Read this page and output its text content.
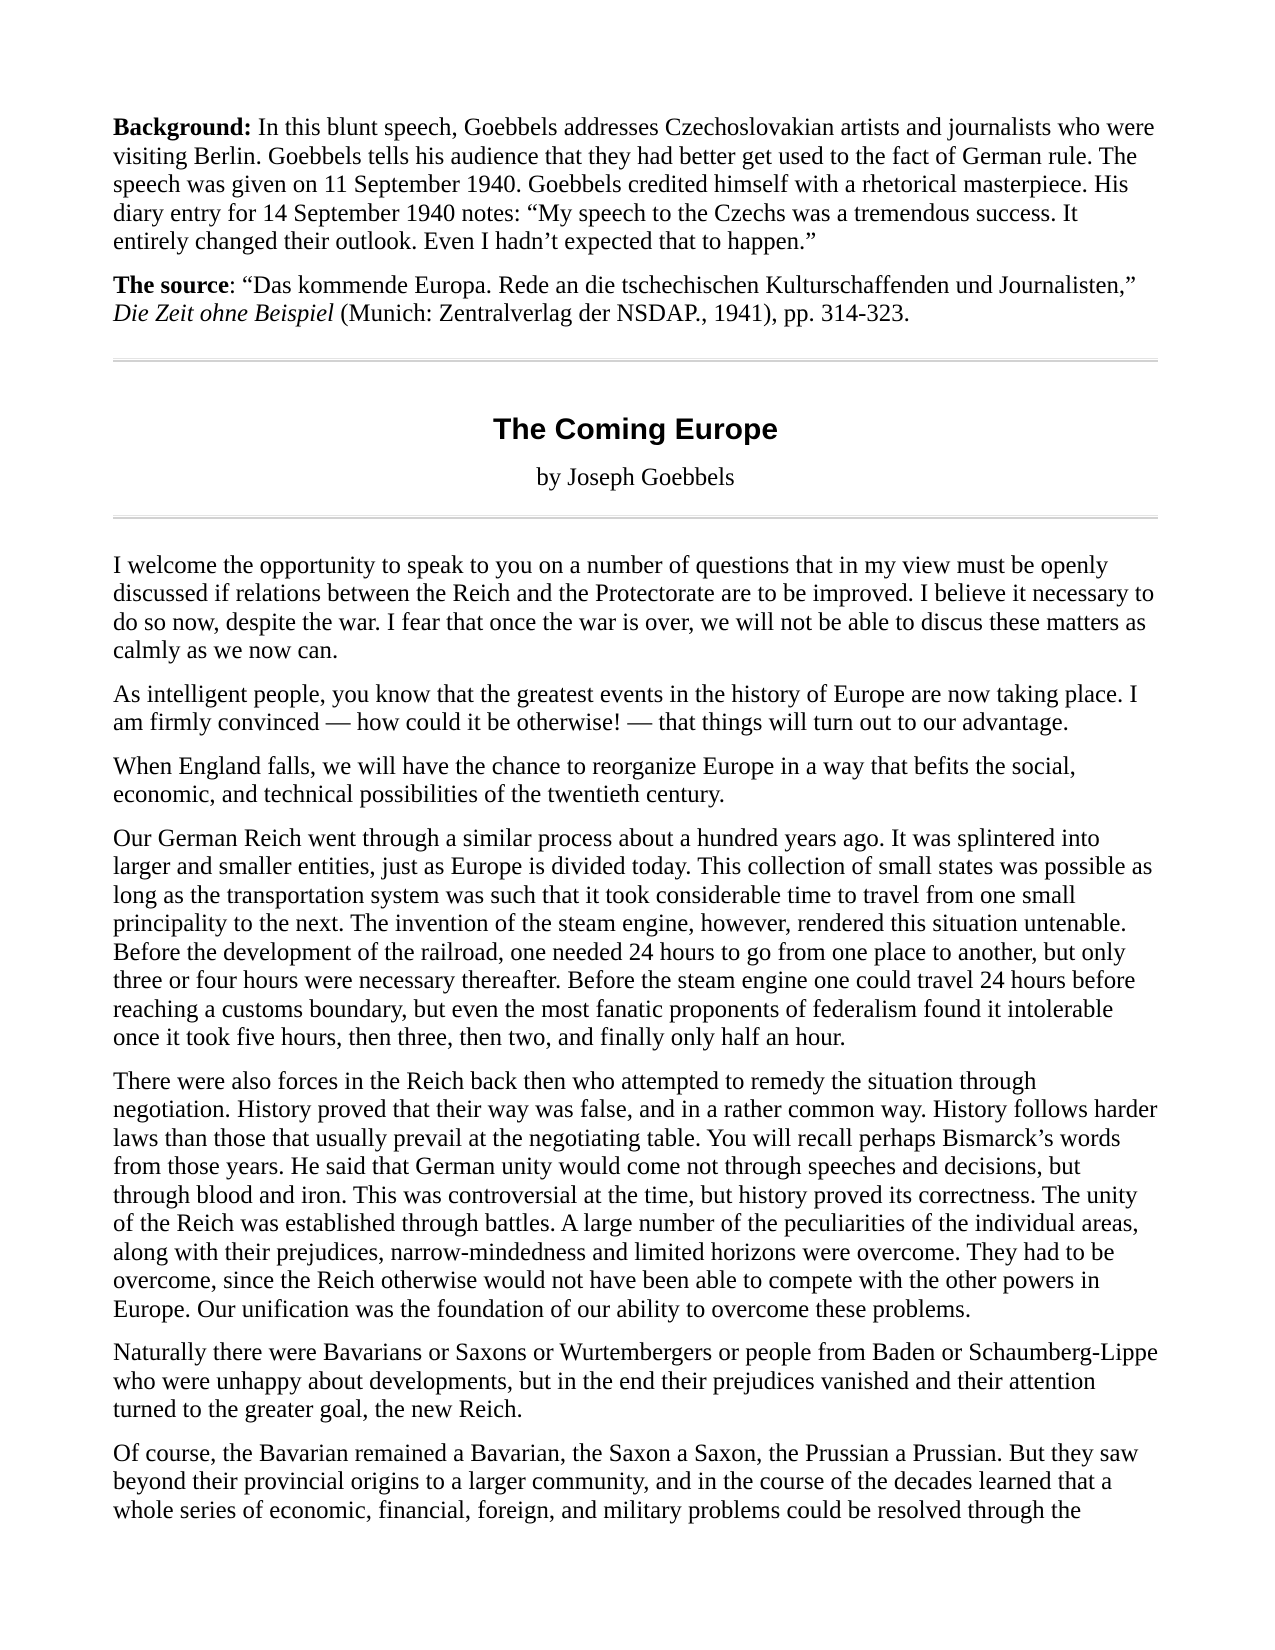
Background: In this blunt speech, Goebbels addresses Czechoslovakian artists and journalists who were visiting Berlin. Goebbels tells his audience that they had better get used to the fact of German rule. The speech was given on 11 September 1940. Goebbels credited himself with a rhetorical masterpiece. His diary entry for 14 September 1940 notes: “My speech to the Czechs was a tremendous success. It entirely changed their outlook. Even I hadn’t expected that to happen.”

The source: “Das kommende Europa. Rede an die tschechischen Kulturschaffenden und Journalisten,” Die Zeit ohne Beispiel (Munich: Zentralverlag der NSDAP., 1941), pp. 314-323.

The Coming Europe

by Joseph Goebbels

I welcome the opportunity to speak to you on a number of questions that in my view must be openly discussed if relations between the Reich and the Protectorate are to be improved. I believe it necessary to do so now, despite the war. I fear that once the war is over, we will not be able to discus these matters as calmly as we now can.

As intelligent people, you know that the greatest events in the history of Europe are now taking place. I am firmly convinced — how could it be otherwise! — that things will turn out to our advantage.

When England falls, we will have the chance to reorganize Europe in a way that befits the social, economic, and technical possibilities of the twentieth century.

Our German Reich went through a similar process about a hundred years ago. It was splintered into larger and smaller entities, just as Europe is divided today. This collection of small states was possible as long as the transportation system was such that it took considerable time to travel from one small principality to the next. The invention of the steam engine, however, rendered this situation untenable. Before the development of the railroad, one needed 24 hours to go from one place to another, but only three or four hours were necessary thereafter. Before the steam engine one could travel 24 hours before reaching a customs boundary, but even the most fanatic proponents of federalism found it intolerable once it took five hours, then three, then two, and finally only half an hour.

There were also forces in the Reich back then who attempted to remedy the situation through negotiation. History proved that their way was false, and in a rather common way. History follows harder laws than those that usually prevail at the negotiating table. You will recall perhaps Bismarck’s words from those years. He said that German unity would come not through speeches and decisions, but through blood and iron. This was controversial at the time, but history proved its correctness. The unity of the Reich was established through battles. A large number of the peculiarities of the individual areas, along with their prejudices, narrow-mindedness and limited horizons were overcome. They had to be overcome, since the Reich otherwise would not have been able to compete with the other powers in Europe. Our unification was the foundation of our ability to overcome these problems.

Naturally there were Bavarians or Saxons or Wurtembergers or people from Baden or Schaumberg-Lippe who were unhappy about developments, but in the end their prejudices vanished and their attention turned to the greater goal, the new Reich.

Of course, the Bavarian remained a Bavarian, the Saxon a Saxon, the Prussian a Prussian. But they saw beyond their provincial origins to a larger community, and in the course of the decades learned that a whole series of economic, financial, foreign, and military problems could be resolved through the
